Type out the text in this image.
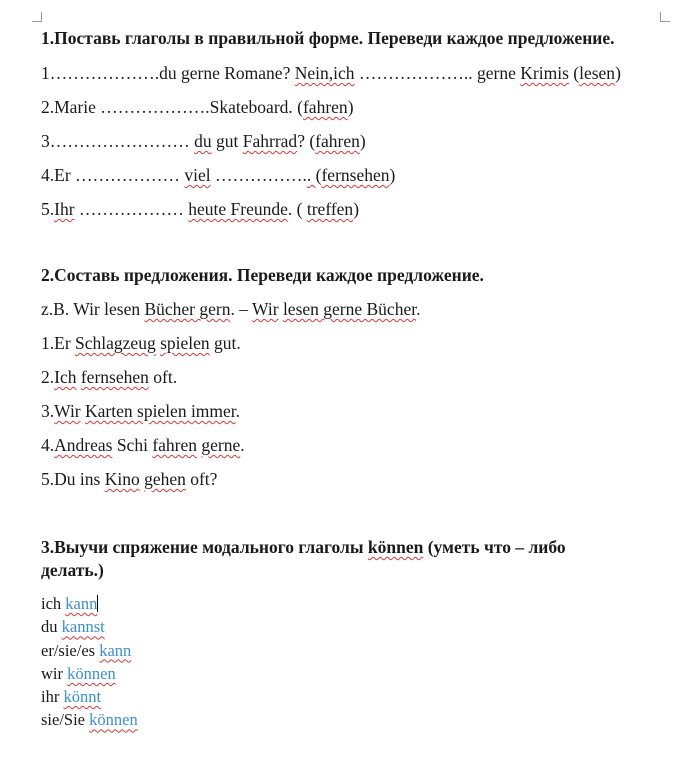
1.Поставь глаголы в правильной форме. Переведи каждое предложение.
1……………….du gerne Romane? Nein,ich ……………….. gerne Krimis (lesen)
2.Marie ……………….Skateboard. (fahren)
3…………………… du gut Fahrrad? (fahren)
4.Er ……………… viel …………….. (fernsehen)
5.Ihr ……………… heute Freunde. ( treffen)
2.Составь предложения. Переведи каждое предложение.
z.B. Wir lesen Bücher gern. – Wir lesen gerne Bücher.
1.Er Schlagzeug spielen gut.
2.Ich fernsehen oft.
3.Wir Karten spielen immer.
4.Andreas Schi fahren gerne.
5.Du ins Kino gehen oft?
3.Выучи спряжение модального глаголы können (уметь что – либо
делать.)
ich kann
du kannst
er/sie/es kann
wir können
ihr könnt
sie/Sie können
